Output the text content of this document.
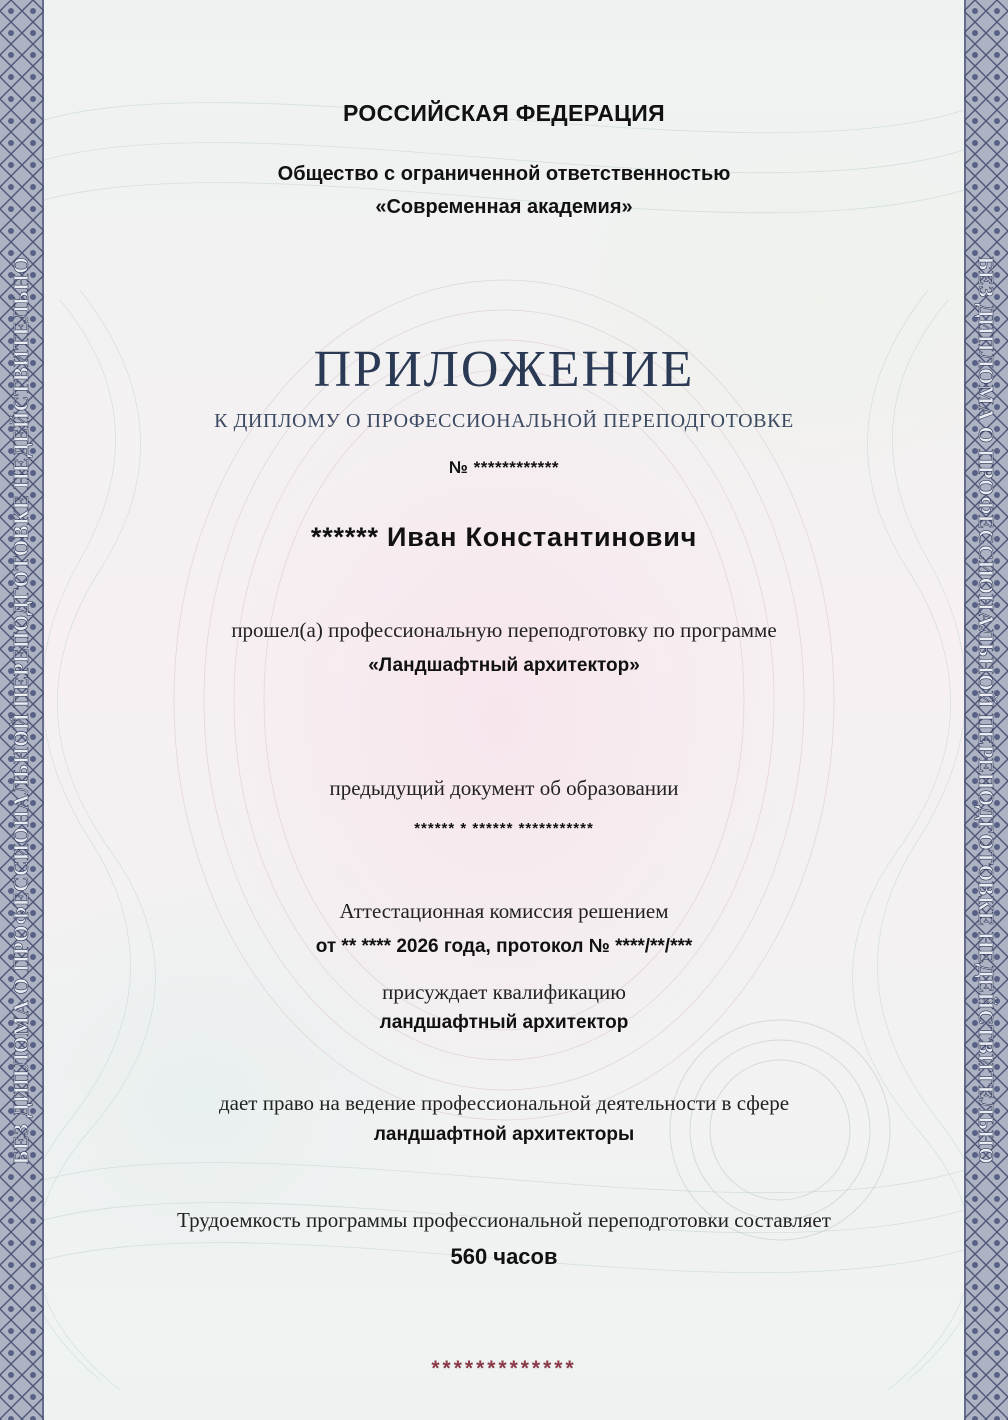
БЕЗ ДИПЛОМА О ПРОФЕССИОНАЛЬНОЙ ПЕРЕПОДГОТОВКЕ НЕДЕЙСТВИТЕЛЬНО	БЕЗ ДИПЛОМА О ПРОФЕССИОНАЛЬНОЙ ПЕРЕПОДГОТОВКЕ НЕДЕЙСТВИТЕЛЬНО
РОССИЙСКАЯ ФЕДЕРАЦИЯ
Общество с ограниченной ответственностью
«Современная академия»
ПРИЛОЖЕНИЕ
К ДИПЛОМУ О ПРОФЕССИОНАЛЬНОЙ ПЕРЕПОДГОТОВКЕ
№ ************
****** Иван Константинович
прошел(а) профессиональную переподготовку по программе
«Ландшафтный архитектор»
предыдущий документ об образовании
****** * ****** ***********
Аттестационная комиссия решением
от ** **** 2026 года, протокол № ****/**/***
присуждает квалификацию
ландшафтный архитектор
дает право на ведение профессиональной деятельности в сфере
ландшафтной архитекторы
Трудоемкость программы профессиональной переподготовки составляет
560 часов
*************
